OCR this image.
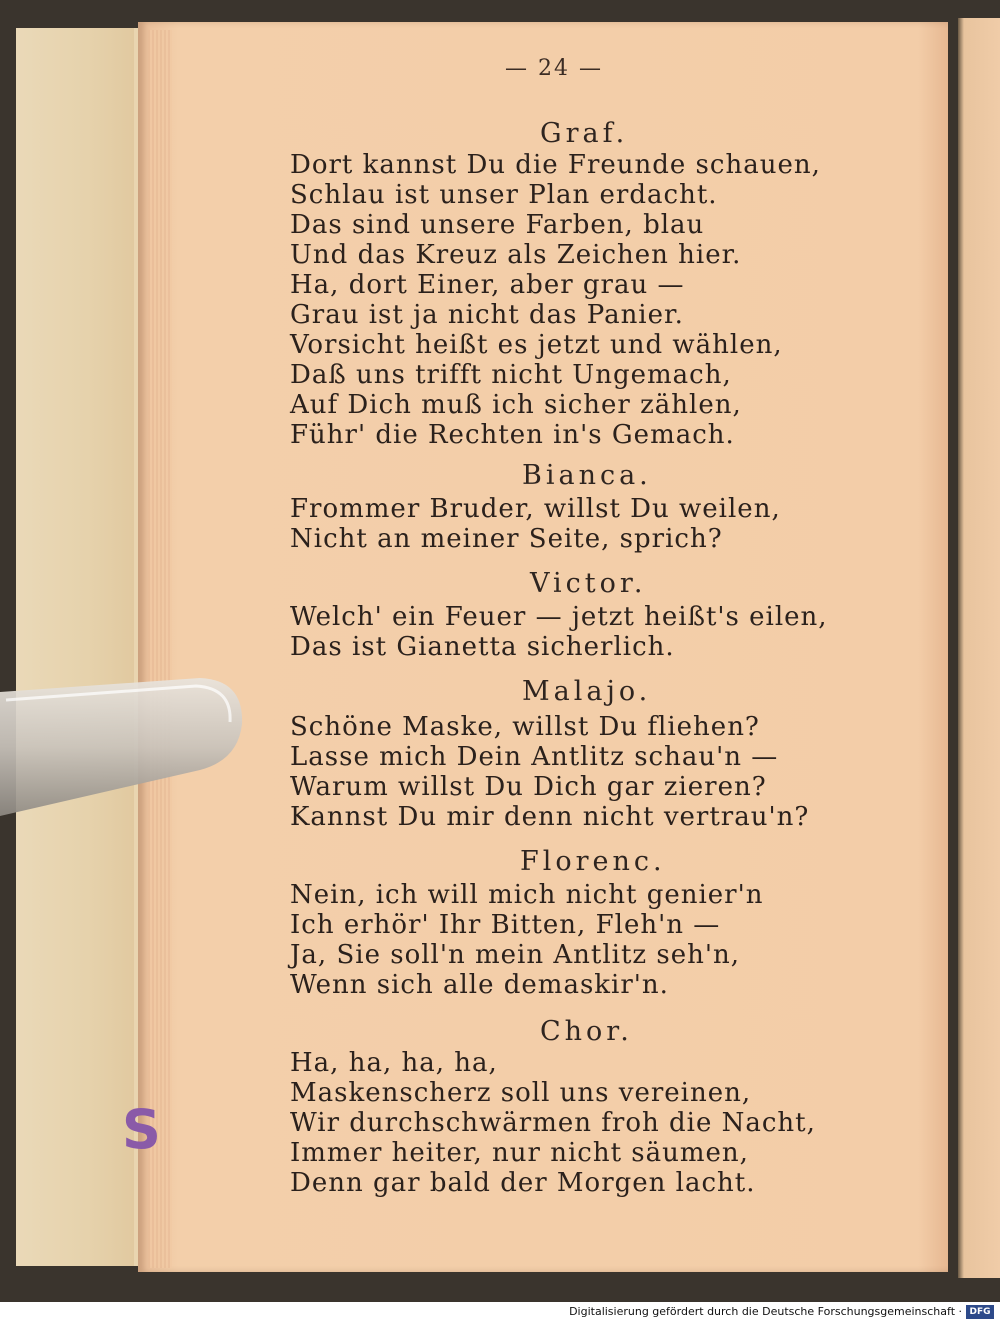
S
— 24 —
Graf.
Dort kannst Du die Freunde schauen,
Schlau ist unser Plan erdacht.
Das sind unsere Farben, blau
Und das Kreuz als Zeichen hier.
Ha, dort Einer, aber grau —
Grau ist ja nicht das Panier.
Vorsicht heißt es jetzt und wählen,
Daß uns trifft nicht Ungemach,
Auf Dich muß ich sicher zählen,
Führ' die Rechten in's Gemach.
Bianca.
Frommer Bruder, willst Du weilen,
Nicht an meiner Seite, sprich?
Victor.
Welch' ein Feuer — jetzt heißt's eilen,
Das ist Gianetta sicherlich.
Malajo.
Schöne Maske, willst Du fliehen?
Lasse mich Dein Antlitz schau'n —
Warum willst Du Dich gar zieren?
Kannst Du mir denn nicht vertrau'n?
Florenc.
Nein, ich will mich nicht genier'n
Ich erhör' Ihr Bitten, Fleh'n —
Ja, Sie soll'n mein Antlitz seh'n,
Wenn sich alle demaskir'n.
Chor.
Ha, ha, ha, ha,
Maskenscherz soll uns vereinen,
Wir durchschwärmen froh die Nacht,
Immer heiter, nur nicht säumen,
Denn gar bald der Morgen lacht.
Digitalisierung gefördert durch die Deutsche Forschungsgemeinschaft · DFG
